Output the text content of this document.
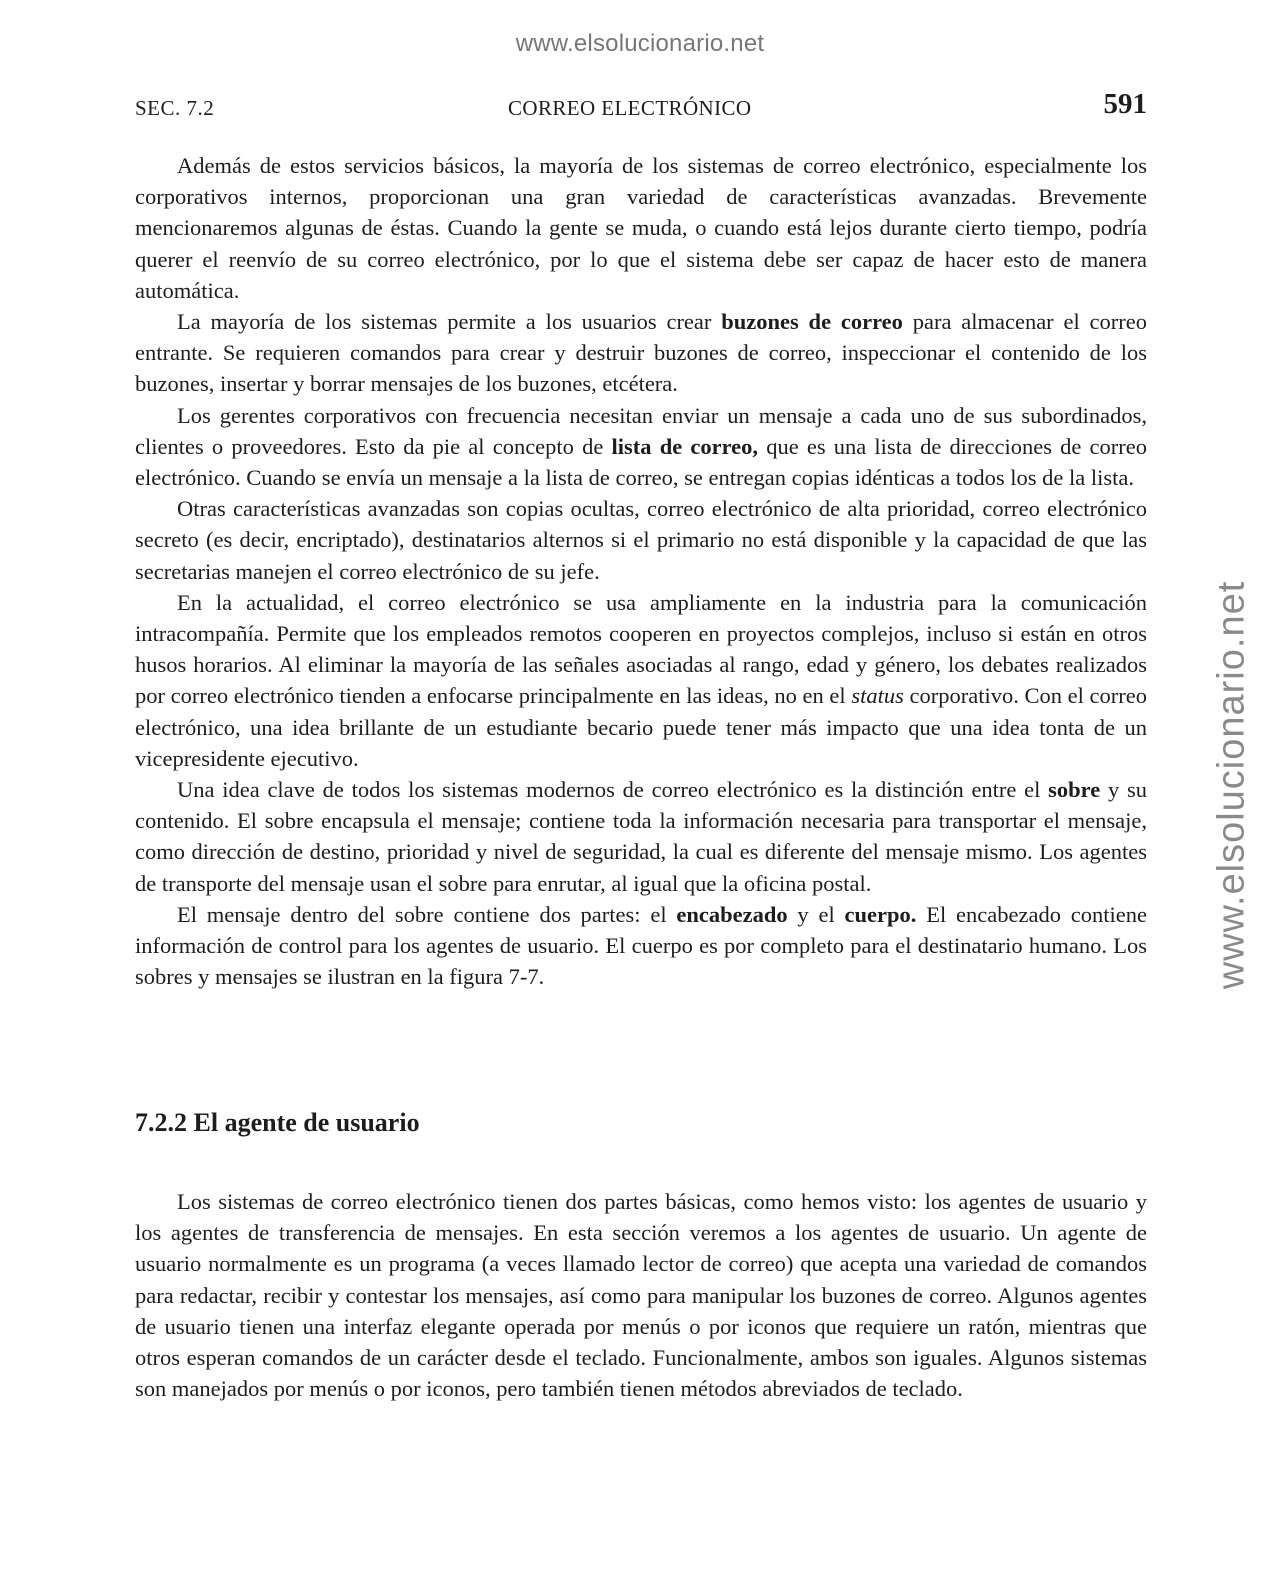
www.elsolucionario.net
www.elsolucionario.net
SEC. 7.2	CORREO ELECTRÓNICO	591

Además de estos servicios básicos, la mayoría de los sistemas de correo electrónico, especialmente los corporativos internos, proporcionan una gran variedad de características avanzadas. Brevemente mencionaremos algunas de éstas. Cuando la gente se muda, o cuando está lejos durante cierto tiempo, podría querer el reenvío de su correo electrónico, por lo que el sistema debe ser capaz de hacer esto de manera automática.

La mayoría de los sistemas permite a los usuarios crear buzones de correo para almacenar el correo entrante. Se requieren comandos para crear y destruir buzones de correo, inspeccionar el contenido de los buzones, insertar y borrar mensajes de los buzones, etcétera.

Los gerentes corporativos con frecuencia necesitan enviar un mensaje a cada uno de sus subordinados, clientes o proveedores. Esto da pie al concepto de lista de correo, que es una lista de direcciones de correo electrónico. Cuando se envía un mensaje a la lista de correo, se entregan copias idénticas a todos los de la lista.

Otras características avanzadas son copias ocultas, correo electrónico de alta prioridad, correo electrónico secreto (es decir, encriptado), destinatarios alternos si el primario no está disponible y la capacidad de que las secretarias manejen el correo electrónico de su jefe.

En la actualidad, el correo electrónico se usa ampliamente en la industria para la comunicación intracompañía. Permite que los empleados remotos cooperen en proyectos complejos, incluso si están en otros husos horarios. Al eliminar la mayoría de las señales asociadas al rango, edad y género, los debates realizados por correo electrónico tienden a enfocarse principalmente en las ideas, no en el status corporativo. Con el correo electrónico, una idea brillante de un estudiante becario puede tener más impacto que una idea tonta de un vicepresidente ejecutivo.

Una idea clave de todos los sistemas modernos de correo electrónico es la distinción entre el sobre y su contenido. El sobre encapsula el mensaje; contiene toda la información necesaria para transportar el mensaje, como dirección de destino, prioridad y nivel de seguridad, la cual es diferente del mensaje mismo. Los agentes de transporte del mensaje usan el sobre para enrutar, al igual que la oficina postal.

El mensaje dentro del sobre contiene dos partes: el encabezado y el cuerpo. El encabezado contiene información de control para los agentes de usuario. El cuerpo es por completo para el destinatario humano. Los sobres y mensajes se ilustran en la figura 7-7.

7.2.2 El agente de usuario

Los sistemas de correo electrónico tienen dos partes básicas, como hemos visto: los agentes de usuario y los agentes de transferencia de mensajes. En esta sección veremos a los agentes de usuario. Un agente de usuario normalmente es un programa (a veces llamado lector de correo) que acepta una variedad de comandos para redactar, recibir y contestar los mensajes, así como para manipular los buzones de correo. Algunos agentes de usuario tienen una interfaz elegante operada por menús o por iconos que requiere un ratón, mientras que otros esperan comandos de un carácter desde el teclado. Funcionalmente, ambos son iguales. Algunos sistemas son manejados por menús o por iconos, pero también tienen métodos abreviados de teclado.
